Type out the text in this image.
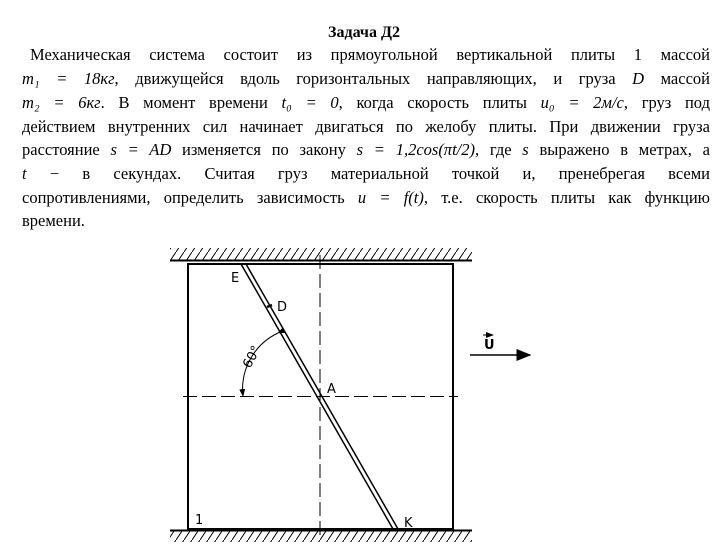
Задача Д2
Механическая система состоит из прямоугольной вертикальной плиты 1 массой
m₁ = 18кг, движущейся вдоль горизонтальных направляющих, и груза D массой
m₂ = 6кг. В момент времени t₀ = 0, когда скорость плиты u₀ = 2м/с, груз под
действием внутренних сил начинает двигаться по желобу плиты. При движении груза
расстояние s = AD изменяется по закону s = 1,2cos(πt/2), где s выражено в метрах, а
t − в секундах. Считая груз материальной точкой и, пренебрегая всеми
сопротивлениями, определить зависимость u = f(t), т.е. скорость плиты как функцию
времени.
E
D
A
K
1
60°	U
